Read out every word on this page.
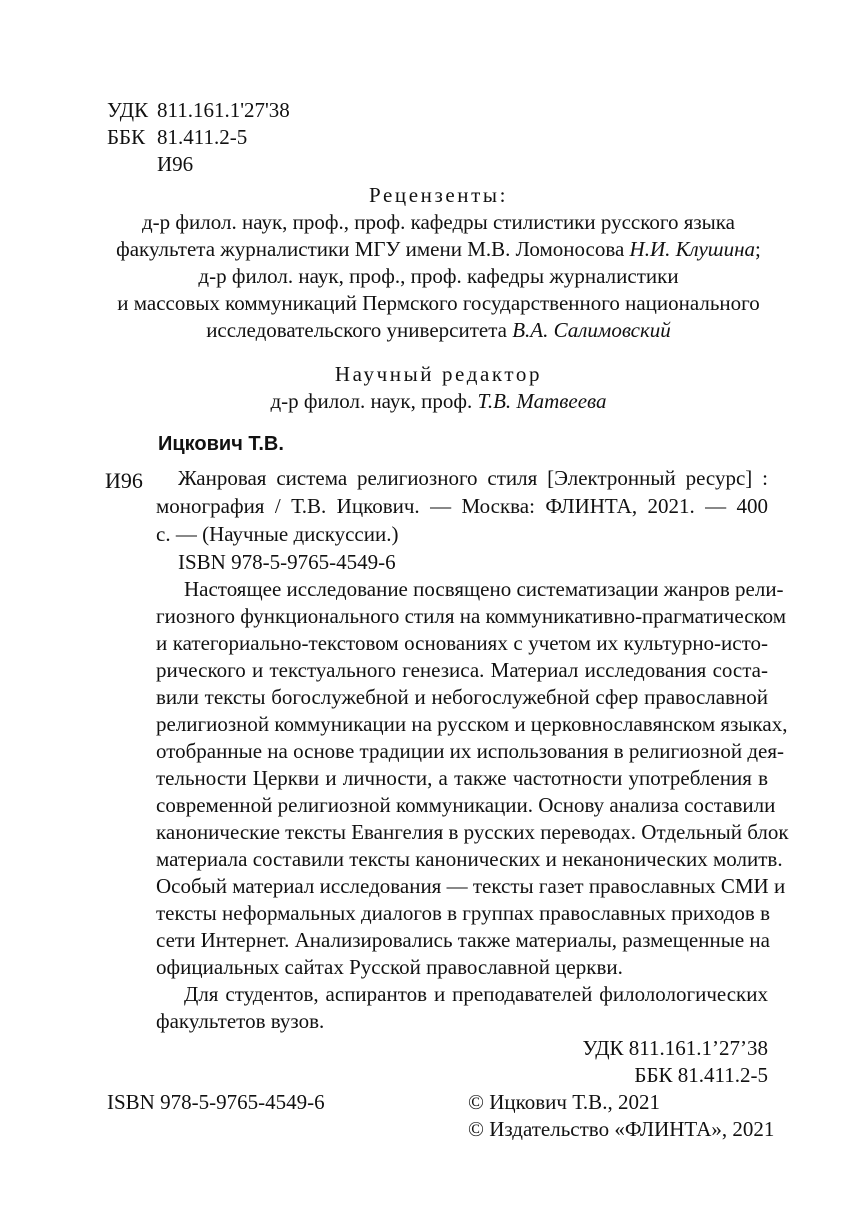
УДК 811.161.1'27'38
ББК 81.411.2-5
И96
Рецензенты:
д-р филол. наук, проф., проф. кафедры стилистики русского языка
факультета журналистики МГУ имени М.В. Ломоносова Н.И. Клушина;
д-р филол. наук, проф., проф. кафедры журналистики
и массовых коммуникаций Пермского государственного национального
исследовательского университета В.А. Салимовский
Научный редактор
д-р филол. наук, проф. Т.В. Матвеева
Ицкович Т.В.
И96 Жанровая система религиозного стиля [Электронный ресурс] :
монография / Т.В. Ицкович. — Москва: ФЛИНТА, 2021. — 400
с. — (Научные дискуссии.)
ISBN 978-5-9765-4549-6
Настоящее исследование посвящено систематизации жанров рели-
гиозного функционального стиля на коммуникативно-прагматическом
и категориально-текстовом основаниях с учетом их культурно-исто-
рического и текстуального генезиса. Материал исследования соста-
вили тексты богослужебной и небогослужебной сфер православной
религиозной коммуникации на русском и церковнославянском языках,
отобранные на основе традиции их использования в религиозной дея-
тельности Церкви и личности, а также частотности употребления в
современной религиозной коммуникации. Основу анализа составили
канонические тексты Евангелия в русских переводах. Отдельный блок
материала составили тексты канонических и неканонических молитв.
Особый материал исследования — тексты газет православных СМИ и
тексты неформальных диалогов в группах православных приходов в
сети Интернет. Анализировались также материалы, размещенные на
официальных сайтах Русской православной церкви.
Для студентов, аспирантов и преподавателей филолологических
факультетов вузов.
УДК 811.161.1’27’38
ББК 81.411.2-5
ISBN 978-5-9765-4549-6	© Ицкович Т.В., 2021
© Издательство «ФЛИНТА», 2021
